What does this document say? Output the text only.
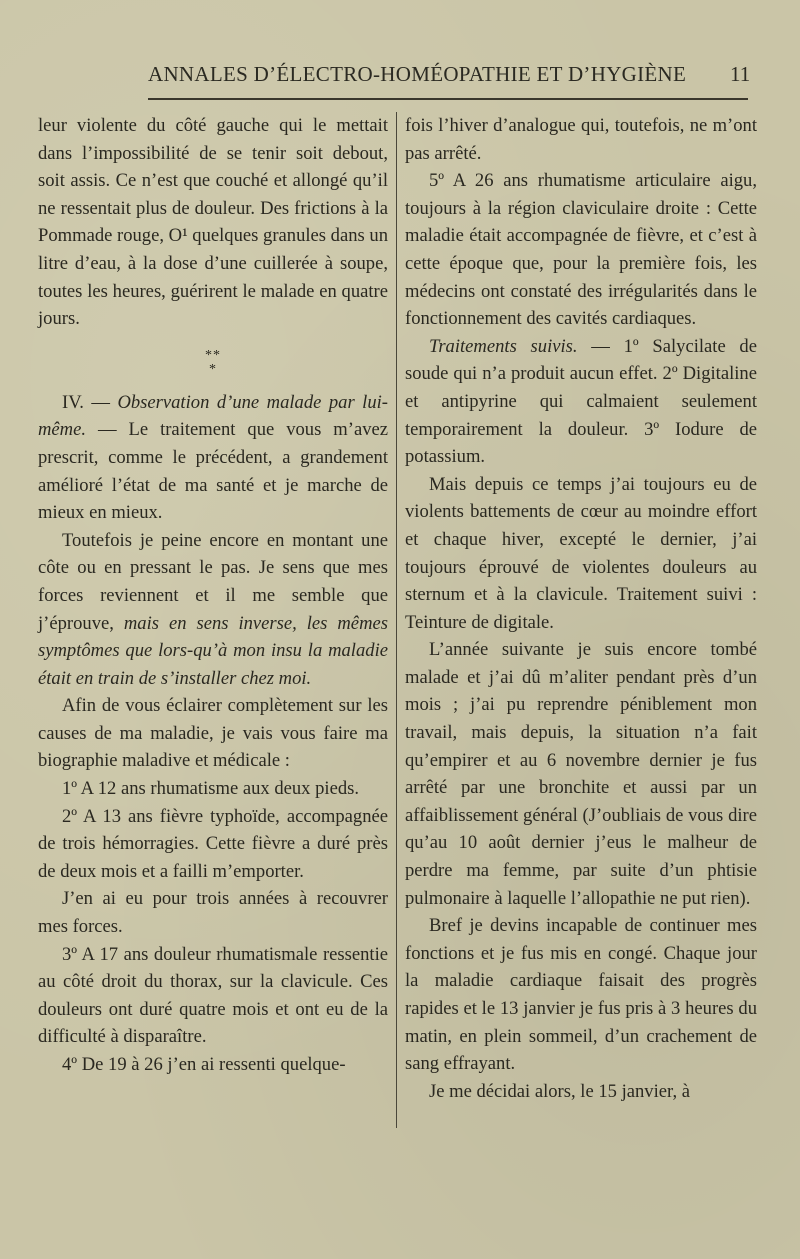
ANNALES D’ÉLECTRO-HOMÉOPATHIE ET D’HYGIÈNE 11

leur violente du côté gauche qui le mettait dans l’impossibilité de se tenir soit debout, soit assis. Ce n’est que couché et allongé qu’il ne ressentait plus de douleur. Des frictions à la Pommade rouge, O¹ quelques granules dans un litre d’eau, à la dose d’une cuillerée à soupe, toutes les heures, guérirent le malade en quatre jours.

**
*

IV. — Observation d’une malade par lui-même. — Le traitement que vous m’avez prescrit, comme le précédent, a grandement amélioré l’état de ma santé et je marche de mieux en mieux.

Toutefois je peine encore en montant une côte ou en pressant le pas. Je sens que mes forces reviennent et il me semble que j’éprouve, mais en sens inverse, les mêmes symptômes que lors-qu’à mon insu la maladie était en train de s’installer chez moi.

Afin de vous éclairer complètement sur les causes de ma maladie, je vais vous faire ma biographie maladive et médicale :

1º A 12 ans rhumatisme aux deux pieds.

2º A 13 ans fièvre typhoïde, accompagnée de trois hémorragies. Cette fièvre a duré près de deux mois et a failli m’emporter.

J’en ai eu pour trois années à recouvrer mes forces.

3º A 17 ans douleur rhumatismale ressentie au côté droit du thorax, sur la clavicule. Ces douleurs ont duré quatre mois et ont eu de la difficulté à disparaître.

4º De 19 à 26 j’en ai ressenti quelque-

fois l’hiver d’analogue qui, toutefois, ne m’ont pas arrêté.

5º A 26 ans rhumatisme articulaire aigu, toujours à la région claviculaire droite : Cette maladie était accompagnée de fièvre, et c’est à cette époque que, pour la première fois, les médecins ont constaté des irrégularités dans le fonctionnement des cavités cardiaques.

Traitements suivis. — 1º Salycilate de soude qui n’a produit aucun effet. 2º Digitaline et antipyrine qui calmaient seulement temporairement la douleur. 3º Iodure de potassium.

Mais depuis ce temps j’ai toujours eu de violents battements de cœur au moindre effort et chaque hiver, excepté le dernier, j’ai toujours éprouvé de violentes douleurs au sternum et à la clavicule. Traitement suivi : Teinture de digitale.

L’année suivante je suis encore tombé malade et j’ai dû m’aliter pendant près d’un mois ; j’ai pu reprendre péniblement mon travail, mais depuis, la situation n’a fait qu’empirer et au 6 novembre dernier je fus arrêté par une bronchite et aussi par un affaiblissement général (J’oubliais de vous dire qu’au 10 août dernier j’eus le malheur de perdre ma femme, par suite d’un phtisie pulmonaire à laquelle l’allopathie ne put rien).

Bref je devins incapable de continuer mes fonctions et je fus mis en congé. Chaque jour la maladie cardiaque faisait des progrès rapides et le 13 janvier je fus pris à 3 heures du matin, en plein sommeil, d’un crachement de sang effrayant.

Je me décidai alors, le 15 janvier, à
